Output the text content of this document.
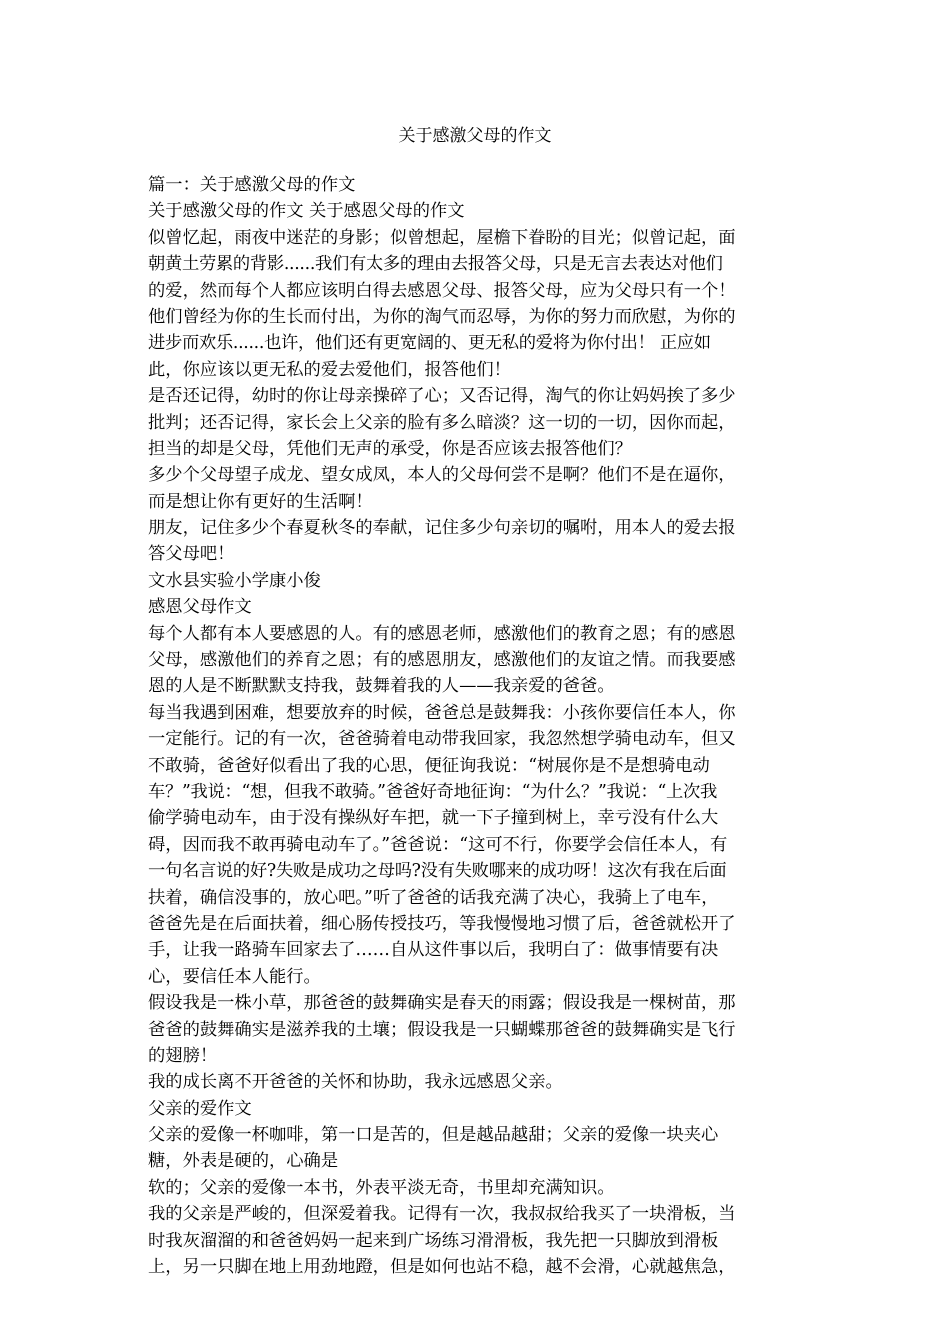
关于感激父母的作文
篇一：关于感激父母的作文
关于感激父母的作文 关于感恩父母的作文
似曾忆起，雨夜中迷茫的身影；似曾想起，屋檐下眷盼的目光；似曾记起，面
朝黄土劳累的背影......我们有太多的理由去报答父母，只是无言去表达对他们
的爱，然而每个人都应该明白得去感恩父母、报答父母，应为父母只有一个！
他们曾经为你的生长而付出，为你的淘气而忍辱，为你的努力而欣慰，为你的
进步而欢乐......也许，他们还有更宽阔的、更无私的爱将为你付出！ 正应如
此，你应该以更无私的爱去爱他们，报答他们！
是否还记得，幼时的你让母亲操碎了心；又否记得，淘气的你让妈妈挨了多少
批判；还否记得，家长会上父亲的脸有多么暗淡？这一切的一切，因你而起，
担当的却是父母，凭他们无声的承受，你是否应该去报答他们？
多少个父母望子成龙、望女成凤，本人的父母何尝不是啊？他们不是在逼你，
而是想让你有更好的生活啊！
朋友，记住多少个春夏秋冬的奉献，记住多少句亲切的嘱咐，用本人的爱去报
答父母吧！
文水县实验小学康小俊
感恩父母作文
每个人都有本人要感恩的人。有的感恩老师，感激他们的教育之恩；有的感恩
父母，感激他们的养育之恩；有的感恩朋友，感激他们的友谊之情。而我要感
恩的人是不断默默支持我，鼓舞着我的人——我亲爱的爸爸。
每当我遇到困难，想要放弃的时候，爸爸总是鼓舞我：小孩你要信任本人，你
一定能行。记的有一次，爸爸骑着电动带我回家，我忽然想学骑电动车，但又
不敢骑，爸爸好似看出了我的心思，便征询我说：“树展你是不是想骑电动
车？”我说：“想，但我不敢骑。”爸爸好奇地征询：“为什么？”我说：“上次我
偷学骑电动车，由于没有操纵好车把，就一下子撞到树上，幸亏没有什么大
碍，因而我不敢再骑电动车了。”爸爸说：“这可不行，你要学会信任本人，有
一句名言说的好?失败是成功之母吗?没有失败哪来的成功呀！这次有我在后面
扶着，确信没事的，放心吧。”听了爸爸的话我充满了决心，我骑上了电车，
爸爸先是在后面扶着，细心肠传授技巧，等我慢慢地习惯了后，爸爸就松开了
手，让我一路骑车回家去了……自从这件事以后，我明白了：做事情要有决
心，要信任本人能行。
假设我是一株小草，那爸爸的鼓舞确实是春天的雨露；假设我是一棵树苗，那
爸爸的鼓舞确实是滋养我的土壤；假设我是一只蝴蝶那爸爸的鼓舞确实是飞行
的翅膀！
我的成长离不开爸爸的关怀和协助，我永远感恩父亲。
父亲的爱作文
父亲的爱像一杯咖啡，第一口是苦的，但是越品越甜；父亲的爱像一块夹心
糖，外表是硬的，心确是
软的；父亲的爱像一本书，外表平淡无奇，书里却充满知识。
我的父亲是严峻的，但深爱着我。记得有一次，我叔叔给我买了一块滑板，当
时我灰溜溜的和爸爸妈妈一起来到广场练习滑滑板，我先把一只脚放到滑板
上，另一只脚在地上用劲地蹬，但是如何也站不稳，越不会滑，心就越焦急，
